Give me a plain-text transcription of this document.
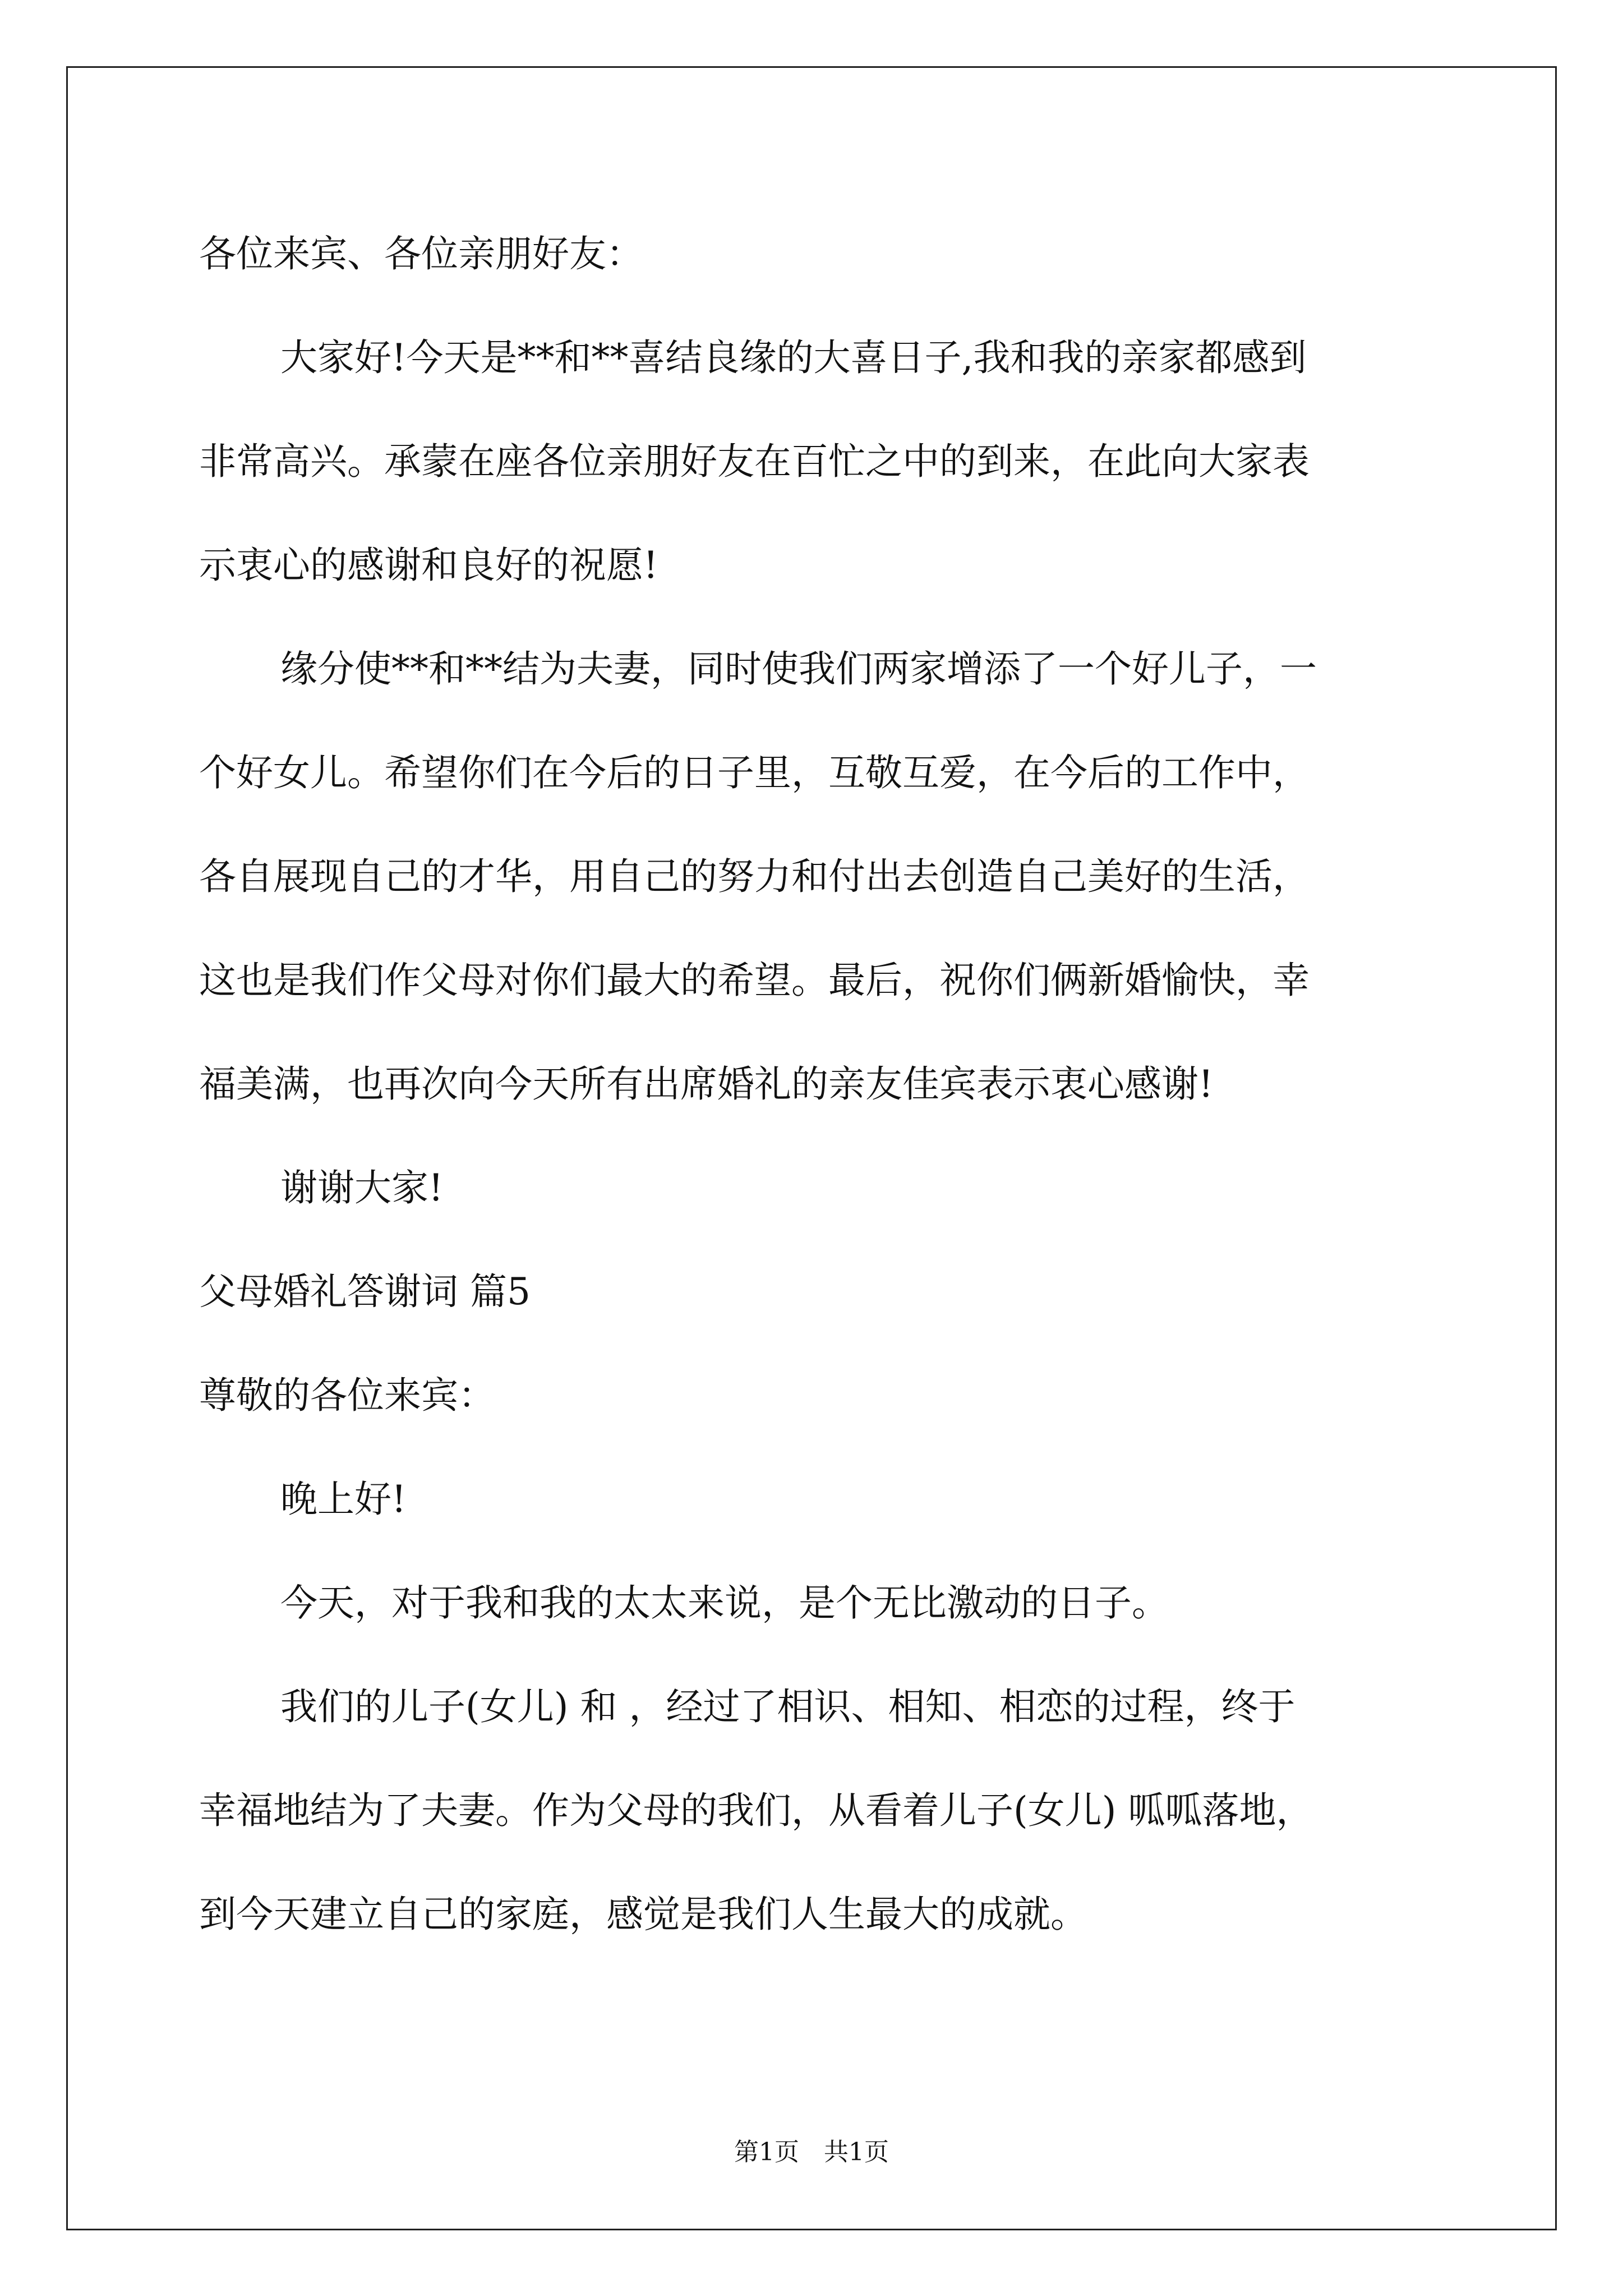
各位来宾、各位亲朋好友：
大家好!今天是**和**喜结良缘的大喜日子,我和我的亲家都感到
非常高兴。承蒙在座各位亲朋好友在百忙之中的到来，在此向大家表
示衷心的感谢和良好的祝愿!
缘分使**和**结为夫妻，同时使我们两家增添了一个好儿子，一
个好女儿。希望你们在今后的日子里，互敬互爱，在今后的工作中，
各自展现自己的才华，用自己的努力和付出去创造自己美好的生活，
这也是我们作父母对你们最大的希望。最后，祝你们俩新婚愉快，幸
福美满，也再次向今天所有出席婚礼的亲友佳宾表示衷心感谢!
谢谢大家!
父母婚礼答谢词 篇5
尊敬的各位来宾：
晚上好!
今天，对于我和我的太太来说，是个无比激动的日子。
我们的儿子(女儿) 和 ，经过了相识、相知、相恋的过程，终于
幸福地结为了夫妻。作为父母的我们，从看着儿子(女儿) 呱呱落地，
到今天建立自己的家庭，感觉是我们人生最大的成就。
第1页　共1页
